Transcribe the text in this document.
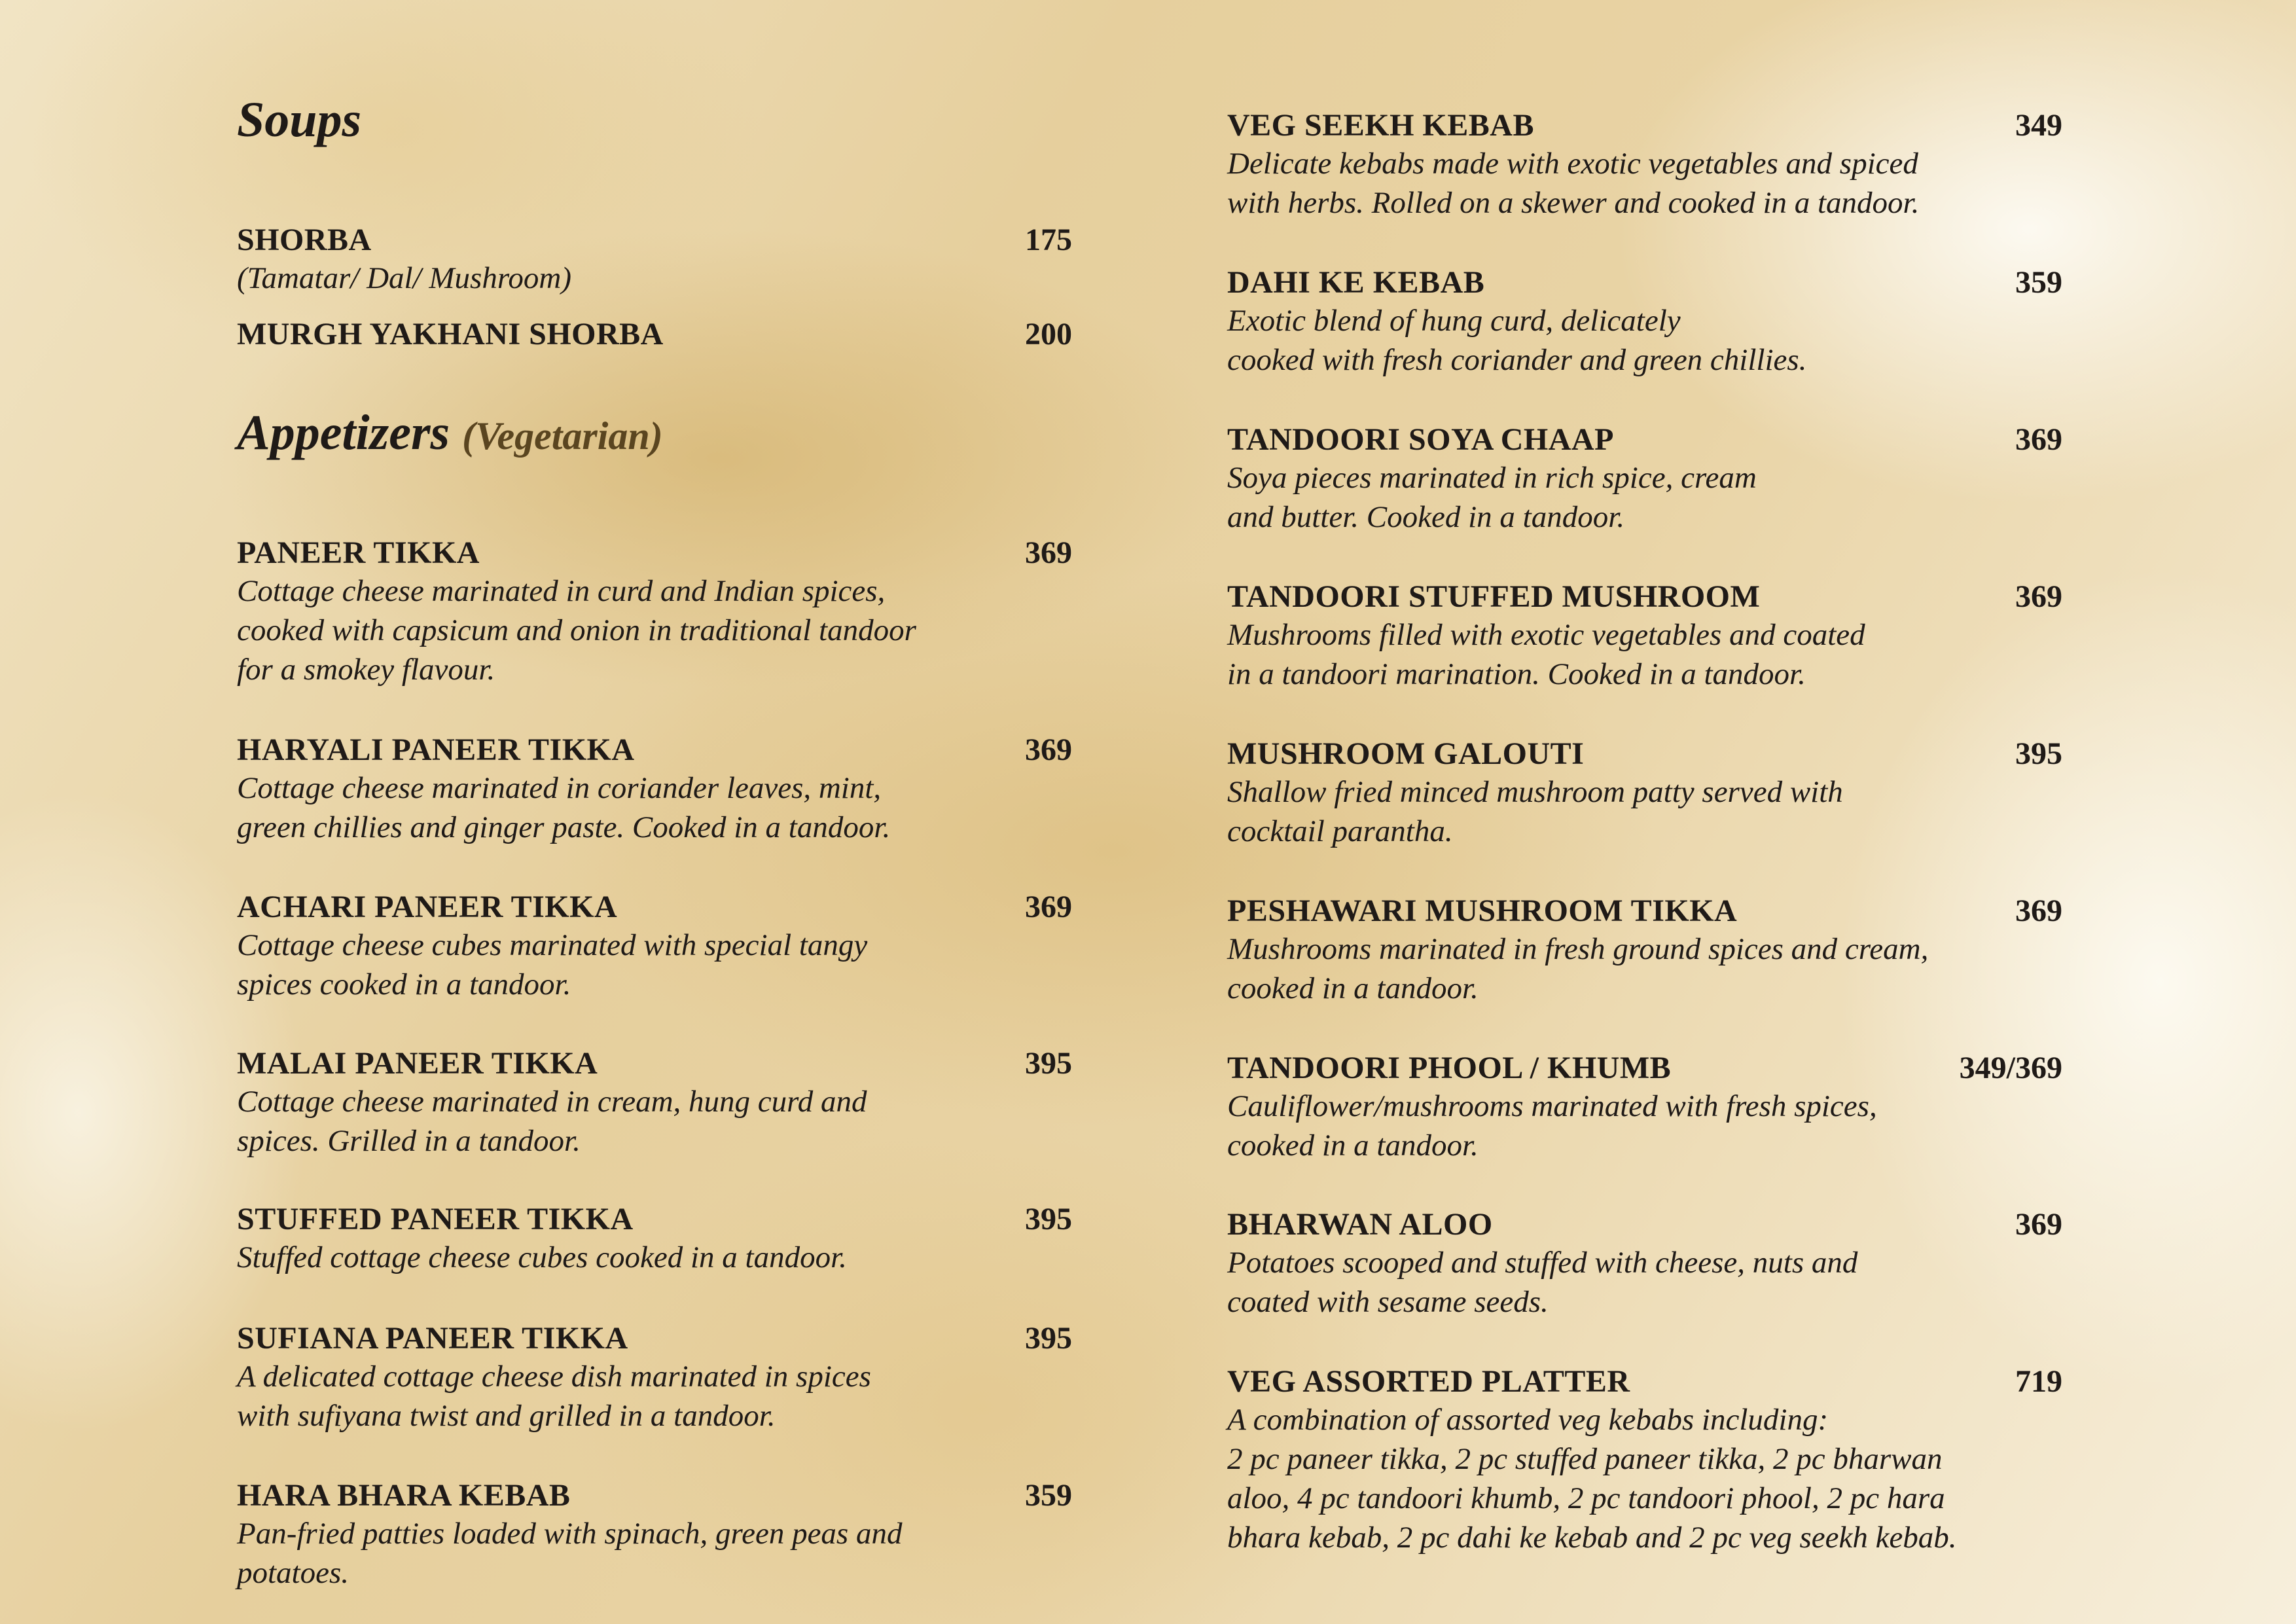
Soups
Appetizers (Vegetarian)
SHORBA	175
(Tamatar/ Dal/ Mushroom)
MURGH YAKHANI SHORBA	200
PANEER TIKKA	369
Cottage cheese marinated in curd and Indian spices,
cooked with capsicum and onion in traditional tandoor
for a smokey flavour.
HARYALI PANEER TIKKA	369
Cottage cheese marinated in coriander leaves, mint,
green chillies and ginger paste. Cooked in a tandoor.
ACHARI PANEER TIKKA	369
Cottage cheese cubes marinated with special tangy
spices cooked in a tandoor.
MALAI PANEER TIKKA	395
Cottage cheese marinated in cream, hung curd and
spices. Grilled in a tandoor.
STUFFED PANEER TIKKA	395
Stuffed cottage cheese cubes cooked in a tandoor.
SUFIANA PANEER TIKKA	395
A delicated cottage cheese dish marinated in spices
with sufiyana twist and grilled in a tandoor.
HARA BHARA KEBAB	359
Pan-fried patties loaded with spinach, green peas and
potatoes.
VEG SEEKH KEBAB	349
Delicate kebabs made with exotic vegetables and spiced
with herbs. Rolled on a skewer and cooked in a tandoor.
DAHI KE KEBAB	359
Exotic blend of hung curd, delicately
cooked with fresh coriander and green chillies.
TANDOORI SOYA CHAAP	369
Soya pieces marinated in rich spice, cream
and butter. Cooked in a tandoor.
TANDOORI STUFFED MUSHROOM	369
Mushrooms filled with exotic vegetables and coated
in a tandoori marination. Cooked in a tandoor.
MUSHROOM GALOUTI	395
Shallow fried minced mushroom patty served with
cocktail parantha.
PESHAWARI MUSHROOM TIKKA	369
Mushrooms marinated in fresh ground spices and cream,
cooked in a tandoor.
TANDOORI PHOOL / KHUMB	349/369
Cauliflower/mushrooms marinated with fresh spices,
cooked in a tandoor.
BHARWAN ALOO	369
Potatoes scooped and stuffed with cheese, nuts and
coated with sesame seeds.
VEG ASSORTED PLATTER	719
A combination of assorted veg kebabs including:
2 pc paneer tikka, 2 pc stuffed paneer tikka, 2 pc bharwan
aloo, 4 pc tandoori khumb, 2 pc tandoori phool, 2 pc hara
bhara kebab, 2 pc dahi ke kebab and 2 pc veg seekh kebab.
